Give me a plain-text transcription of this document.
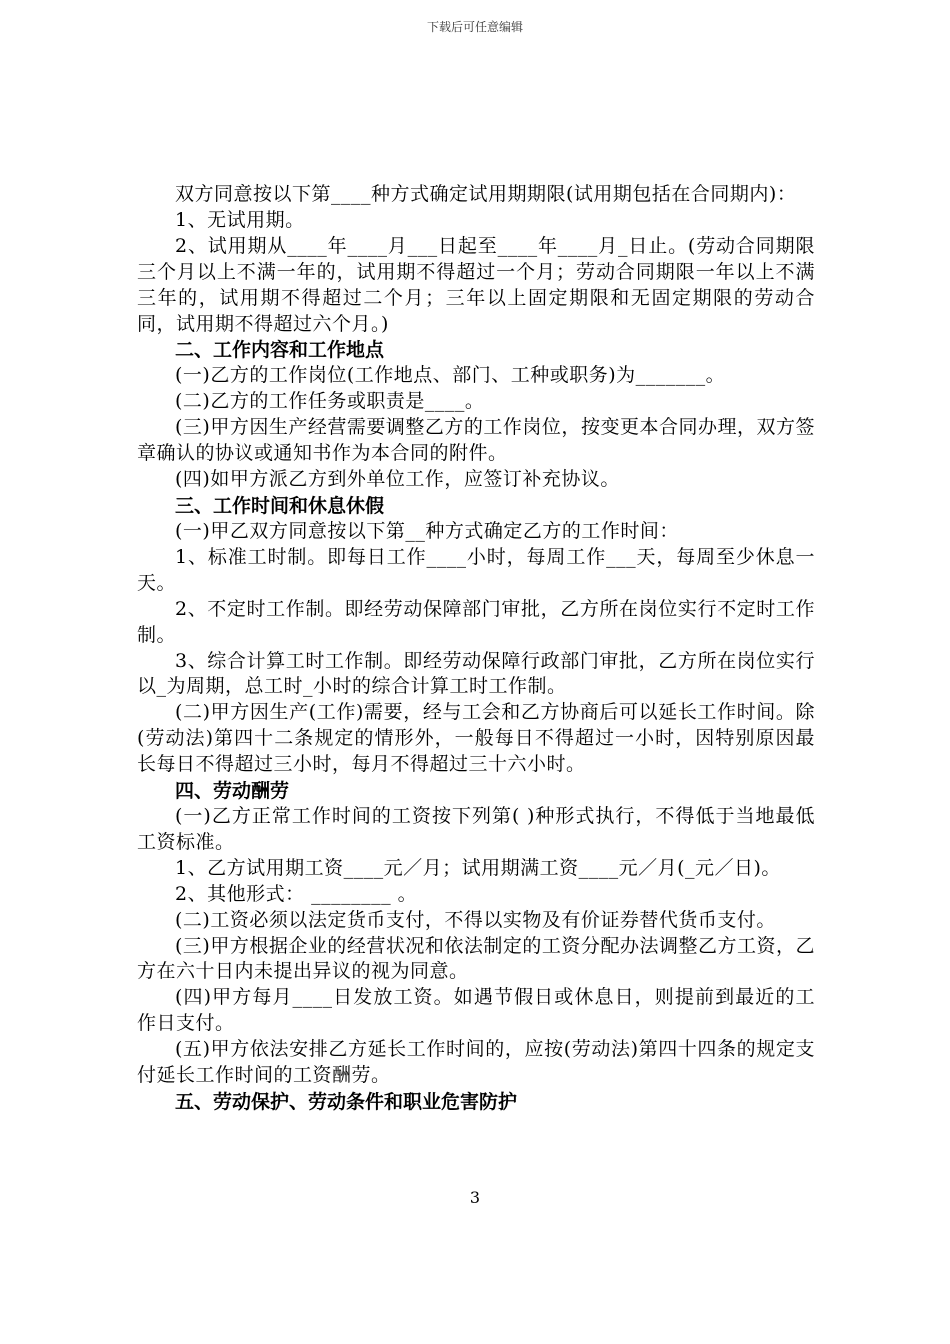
下载后可任意编辑

双方同意按以下第____种方式确定试用期期限(试用期包括在合同期内)：

1、无试用期。

2、试用期从____年____月___日起至____年____月_日止。(劳动合同期限三个月以上不满一年的，试用期不得超过一个月；劳动合同期限一年以上不满三年的，试用期不得超过二个月；三年以上固定期限和无固定期限的劳动合同，试用期不得超过六个月。)

二、工作内容和工作地点

(一)乙方的工作岗位(工作地点、部门、工种或职务)为_______。

(二)乙方的工作任务或职责是____。

(三)甲方因生产经营需要调整乙方的工作岗位，按变更本合同办理，双方签章确认的协议或通知书作为本合同的附件。

(四)如甲方派乙方到外单位工作，应签订补充协议。

三、工作时间和休息休假

(一)甲乙双方同意按以下第__种方式确定乙方的工作时间：

1、标准工时制。即每日工作____小时，每周工作___天，每周至少休息一天。

2、不定时工作制。即经劳动保障部门审批，乙方所在岗位实行不定时工作制。

3、综合计算工时工作制。即经劳动保障行政部门审批，乙方所在岗位实行以_为周期，总工时_小时的综合计算工时工作制。

(二)甲方因生产(工作)需要，经与工会和乙方协商后可以延长工作时间。除(劳动法)第四十二条规定的情形外，一般每日不得超过一小时，因特别原因最长每日不得超过三小时，每月不得超过三十六小时。

四、劳动酬劳

(一)乙方正常工作时间的工资按下列第( )种形式执行，不得低于当地最低工资标准。

1、乙方试用期工资____元／月；试用期满工资____元／月(_元／日)。

2、其他形式： ________ 。

(二)工资必须以法定货币支付，不得以实物及有价证券替代货币支付。

(三)甲方根据企业的经营状况和依法制定的工资分配办法调整乙方工资，乙方在六十日内未提出异议的视为同意。

(四)甲方每月____日发放工资。如遇节假日或休息日，则提前到最近的工作日支付。

(五)甲方依法安排乙方延长工作时间的，应按(劳动法)第四十四条的规定支付延长工作时间的工资酬劳。

五、劳动保护、劳动条件和职业危害防护

3
